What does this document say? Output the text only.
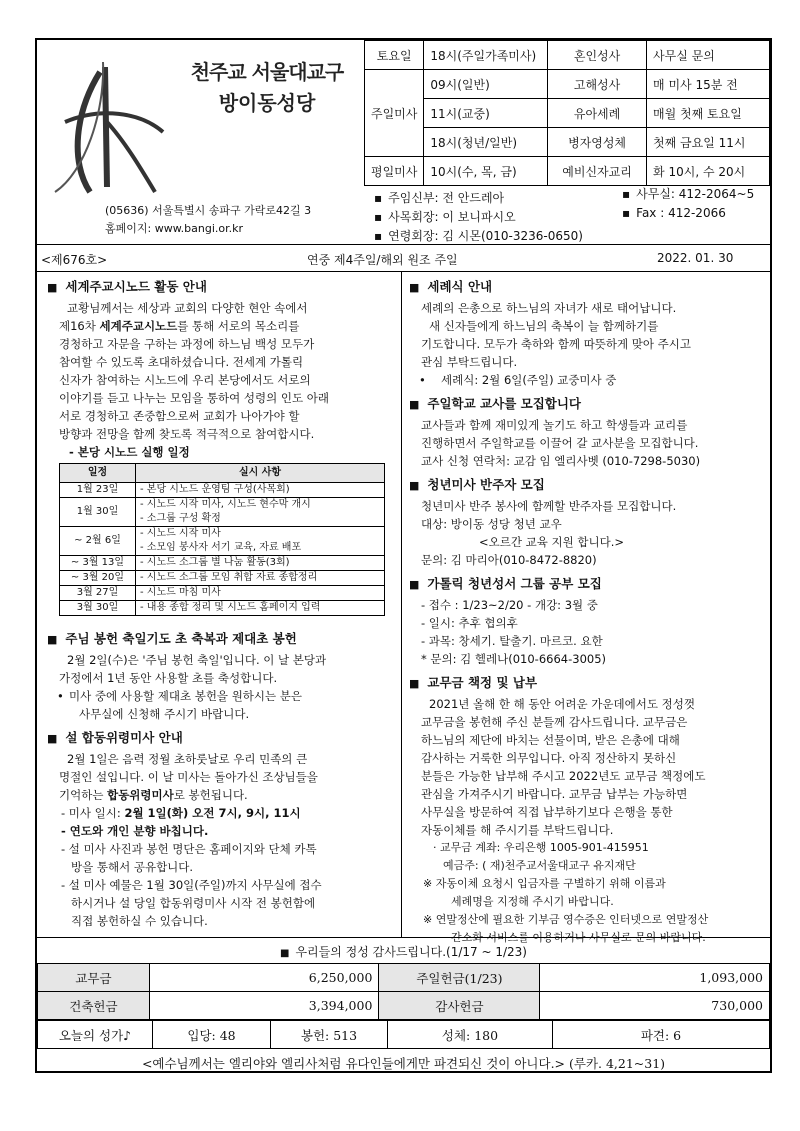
천주교 서울대교구
방이동성당
(05636) 서울특별시 송파구 가락로42길 3
홈페이지: www.bangi.or.kr
토요일	18시(주일가족미사)	혼인성사	사무실 문의
주일미사	09시(일반)	고해성사	매 미사 15분 전
	11시(교중)	유아세례	매월 첫째 토요일
	18시(청년/일반)	병자영성체	첫째 금요일 11시
평일미사	10시(수, 목, 금)	예비신자교리	화 10시, 수 20시
▪ 주임신부: 전 안드레아
▪ 사목회장: 이 보니파시오
▪ 연령회장: 김 시몬(010-3236-0650)
▪ 사무실: 412-2064~5
▪ Fax : 412-2066
<제676호>	연중 제4주일/해외 원조 주일	2022. 01. 30
■ 세계주교시노드 활동 안내
교황님께서는 세상과 교회의 다양한 현안 속에서
제16차 세계주교시노드를 통해 서로의 목소리를
경청하고 자문을 구하는 과정에 하느님 백성 모두가
참여할 수 있도록 초대하셨습니다. 전세계 가톨릭
신자가 참여하는 시노드에 우리 본당에서도 서로의
이야기를 듣고 나누는 모임을 통하여 성령의 인도 아래
서로 경청하고 존중함으로써 교회가 나아가야 할
방향과 전망을 함께 찾도록 적극적으로 참여합시다.
- 본당 시노드 실행 일정
일정	실시 사항
1월 23일	- 본당 시노드 운영팀 구성(사목회)
1월 30일	- 시노드 시작 미사, 시노드 현수막 개시
- 소그룹 구성 확정

~ 2월 6일	- 시노드 시작 미사
- 소모임 봉사자 서기 교육, 자료 배포

~ 3월 13일	- 시노드 소그룹 별 나눔 활동(3회)
~ 3월 20일	- 시노드 소그룹 모임 취합 자료 종합정리
3월 27일	- 시노드 마침 미사
3월 30일	- 내용 종합 정리 및 시노드 홈페이지 입력
■ 주님 봉헌 축일기도 초 축복과 제대초 봉헌
2월 2일(수)은 '주님 봉헌 축일'입니다. 이 날 본당과
가정에서 1년 동안 사용할 초를 축성합니다.
• 미사 중에 사용할 제대초 봉헌을 원하시는 분은
사무실에 신청해 주시기 바랍니다.
■ 설 합동위령미사 안내
2월 1일은 음력 정월 초하룻날로 우리 민족의 큰
명절인 설입니다. 이 날 미사는 돌아가신 조상님들을
기억하는 합동위령미사로 봉헌됩니다.
- 미사 일시: 2월 1일(화) 오전 7시, 9시, 11시
- 연도와 개인 분향 바칩니다.
- 설 미사 사진과 봉헌 명단은 홈페이지와 단체 카톡
방을 통해서 공유합니다.
- 설 미사 예물은 1월 30일(주일)까지 사무실에 접수
하시거나 설 당일 합동위령미사 시작 전 봉헌함에
직접 봉헌하실 수 있습니다.
■ 세례식 안내
세례의 은총으로 하느님의 자녀가 새로 태어납니다.
새 신자들에게 하느님의 축복이 늘 함께하기를
기도합니다. 모두가 축하와 함께 따뜻하게 맞아 주시고
관심 부탁드립니다.
• 세례식: 2월 6일(주일) 교중미사 중
■ 주일학교 교사를 모집합니다
교사들과 함께 재미있게 놀기도 하고 학생들과 교리를
진행하면서 주일학교를 이끌어 갈 교사분을 모집합니다.
교사 신청 연락처: 교감 임 엘리사벳 (010-7298-5030)
■ 청년미사 반주자 모집
청년미사 반주 봉사에 함께할 반주자를 모집합니다.
대상: 방이동 성당 청년 교우
<오르간 교육 지원 합니다.>
문의: 김 마리아(010-8472-8820)
■ 가톨릭 청년성서 그룹 공부 모집
- 접수 : 1/23~2/20 - 개강: 3월 중
- 일시: 추후 협의후
- 과목: 창세기. 탈출기. 마르코. 요한
* 문의: 김 헬레나(010-6664-3005)
■ 교무금 책정 및 납부
2021년 올해 한 해 동안 어려운 가운데에서도 정성껏
교무금을 봉헌해 주신 분들께 감사드립니다. 교무금은
하느님의 제단에 바치는 선물이며, 받은 은총에 대해
감사하는 거룩한 의무입니다. 아직 정산하지 못하신
분들은 가능한 납부해 주시고 2022년도 교무금 책정에도
관심을 가져주시기 바랍니다. 교무금 납부는 가능하면
사무실을 방문하여 직접 납부하기보다 은행을 통한
자동이체를 해 주시기를 부탁드립니다.
· 교무금 계좌: 우리은행 1005-901-415951
예금주: ( 재)천주교서울대교구 유지재단
※ 자동이체 요청시 입금자를 구별하기 위해 이름과
세례명을 지정해 주시기 바랍니다.
※ 연말정산에 필요한 기부금 영수증은 인터넷으로 연말정산
간소화 서비스를 이용하거나 사무실로 문의 바랍니다.
■ 우리들의 정성 감사드립니다.(1/17 ~ 1/23)
교무금	6,250,000	주일헌금(1/23)	1,093,000
건축헌금	3,394,000	감사헌금	730,000
오늘의 성가♪	입당: 48	봉헌: 513	성체: 180	파견: 6
<예수님께서는 엘리야와 엘리사처럼 유다인들에게만 파견되신 것이 아니다.> (루카. 4,21~31)
